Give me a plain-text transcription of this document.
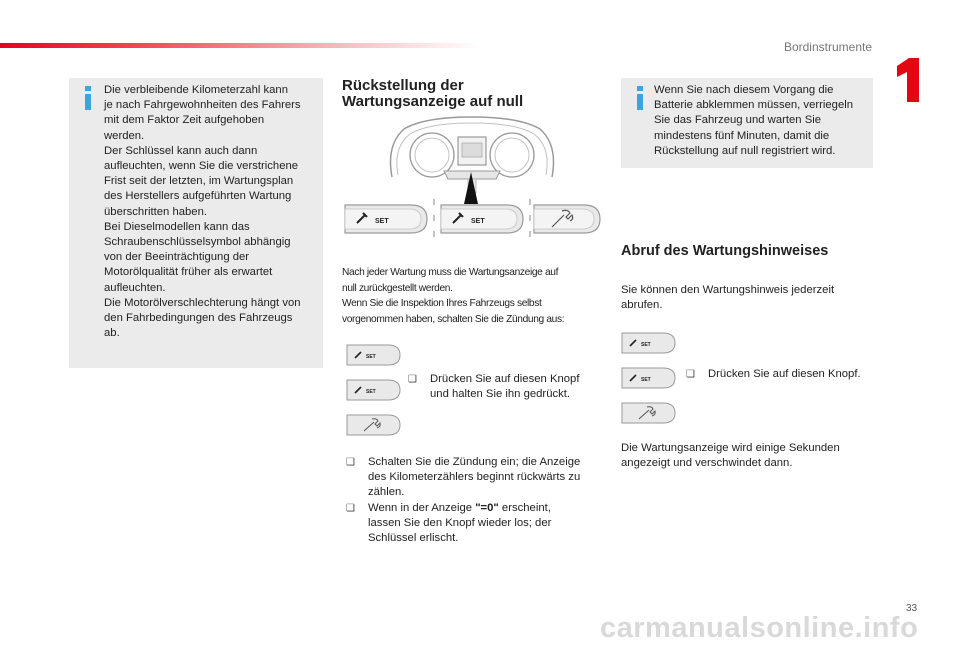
Bordinstrumente

Die verbleibende Kilometerzahl kann

je nach Fahrgewohnheiten des Fahrers

mit dem Faktor Zeit aufgehoben

werden.

Der Schlüssel kann auch dann

aufleuchten, wenn Sie die verstrichene

Frist seit der letzten, im Wartungsplan

des Herstellers aufgeführten Wartung

überschritten haben.

Bei Dieselmodellen kann das

Schraubenschlüsselsymbol abhängig

von der Beeinträchtigung der

Motorölqualität früher als erwartet

aufleuchten.

Die Motorölverschlechterung hängt von

den Fahrbedingungen des Fahrzeugs

ab.

Rückstellung der
Wartungsanzeige auf null
SET	SET

Nach jeder Wartung muss die Wartungsanzeige auf

null zurückgestellt werden.

Wenn Sie die Inspektion Ihres Fahrzeugs selbst

vorgenommen haben, schalten Sie die Zündung aus:

SET
SET
❑ Drücken Sie auf diesen Knopf
und halten Sie ihn gedrückt.
❑ Schalten Sie die Zündung ein; die Anzeige
des Kilometerzählers beginnt rückwärts zu
zählen.
❑ Wenn in der Anzeige "=0" erscheint,
lassen Sie den Knopf wieder los; der
Schlüssel erlischt.

Wenn Sie nach diesem Vorgang die

Batterie abklemmen müssen, verriegeln

Sie das Fahrzeug und warten Sie

mindestens fünf Minuten, damit die

Rückstellung auf null registriert wird.

Abruf des Wartungshinweises

Sie können den Wartungshinweis jederzeit

abrufen.

SET
SET	❑ Drücken Sie auf diesen Knopf.

Die Wartungsanzeige wird einige Sekunden

angezeigt und verschwindet dann.

33
carmanualsonline.info
